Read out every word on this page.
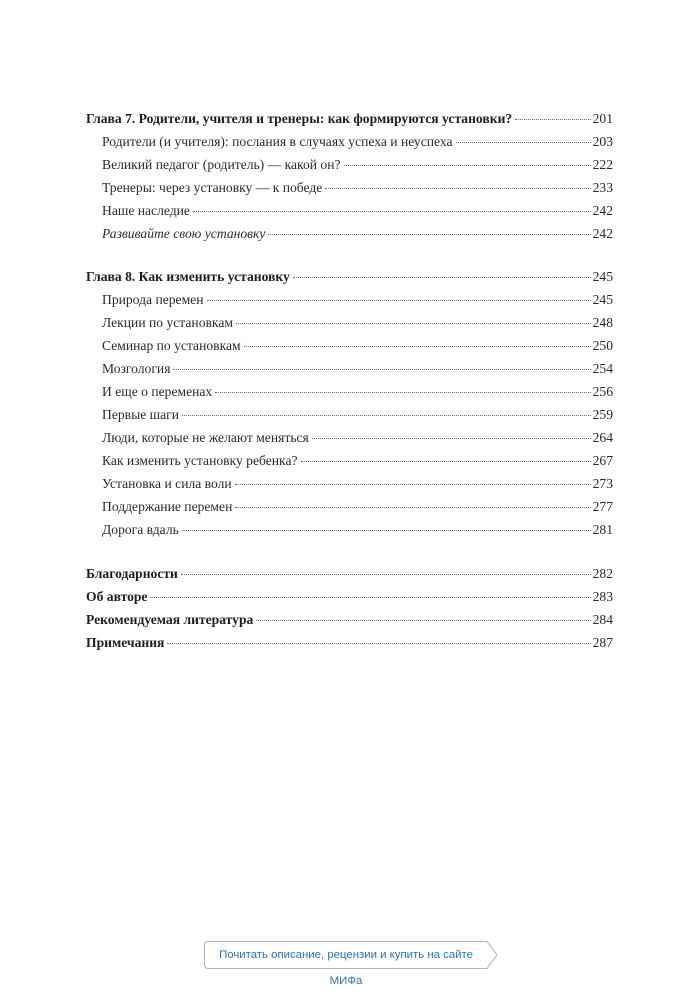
Глава 7. Родители, учителя и тренеры: как формируются установки?	201
Родители (и учителя): послания в случаях успеха и неуспеха	203
Великий педагог (родитель) — какой он?	222
Тренеры: через установку — к победе	233
Наше наследие	242
Развивайте свою установку	242
Глава 8. Как изменить установку	245
Природа перемен	245
Лекции по установкам	248
Семинар по установкам	250
Мозгология	254
И еще о переменах	256
Первые шаги	259
Люди, которые не желают меняться	264
Как изменить установку ребенка?	267
Установка и сила воли	273
Поддержание перемен	277
Дорога вдаль	281
Благодарности	282
Об авторе	283
Рекомендуемая литература	284
Примечания	287
Почитать описание, рецензии и купить на сайте МИФа
